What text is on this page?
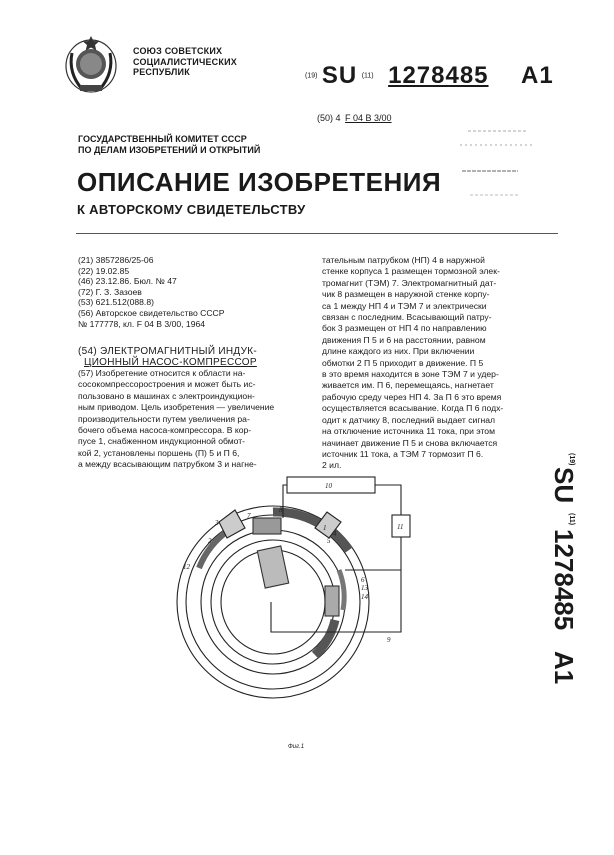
СОЮЗ СОВЕТСКИХ
СОЦИАЛИСТИЧЕСКИХ
РЕСПУБЛИК	(19) SU (11) 1278485 A1
(50) 4 F 04 B 3/00
ГОСУДАРСТВЕННЫЙ КОМИТЕТ СССР
ПО ДЕЛАМ ИЗОБРЕТЕНИЙ И ОТКРЫТИЙ
ОПИСАНИЕ ИЗОБРЕТЕНИЯ
К АВТОРСКОМУ СВИДЕТЕЛЬСТВУ
(21) 3857286/25-06
(22) 19.02.85
(46) 23.12.86. Бюл. № 47
(72) Г. З. Зазоев
(53) 621.512(088.8)
(56) Авторское свидетельство СССР
№ 177778, кл. F 04 B 3/00, 1964
(54) ЭЛЕКТРОМАГНИТНЫЙ ИНДУК-
ЦИОННЫЙ НАСОС-КОМПРЕССОР
(57) Изобретение относится к области на-
сосокомпрессоростроения и может быть ис-
пользовано в машинах с электроиндукцион-
ным приводом. Цель изобретения — увеличение
производительности путем увеличения ра-
бочего объема насоса-компрессора. В кор-
пусе 1, снабженном индукционной обмот-
кой 2, установлены поршень (П) 5 и П 6,
а между всасывающим патрубком 3 и нагне-
тательным патрубком (НП) 4 в наружной
стенке корпуса 1 размещен тормозной элек-
тромагнит (ТЭМ) 7. Электромагнитный дат-
чик 8 размещен в наружной стенке корпу-
са 1 между НП 4 и ТЭМ 7 и электрически
связан с последним. Всасывающий патру-
бок 3 размещен от НП 4 по направлению
движения П 5 и 6 на расстоянии, равном
длине каждого из них. При включении
обмотки 2 П 5 приходит в движение. П 5
в это время находится в зоне ТЭМ 7 и удер-
живается им. П 6, перемещаясь, нагнетает
рабочую среду через НП 4. За П 6 это время
осуществляется всасывание. Когда П 6 подх-
одит к датчику 8, последний выдает сигнал
на отключение источника 11 тока, при этом
начинает движение П 5 и снова включается
источник 11 тока, а ТЭМ 7 тормозит П 6.
2 ил.	(19)
SU
(11)
1278485
A1
3
7
8
2
12
1
4
5
6
13
14
9
10
11
Фиг.1
